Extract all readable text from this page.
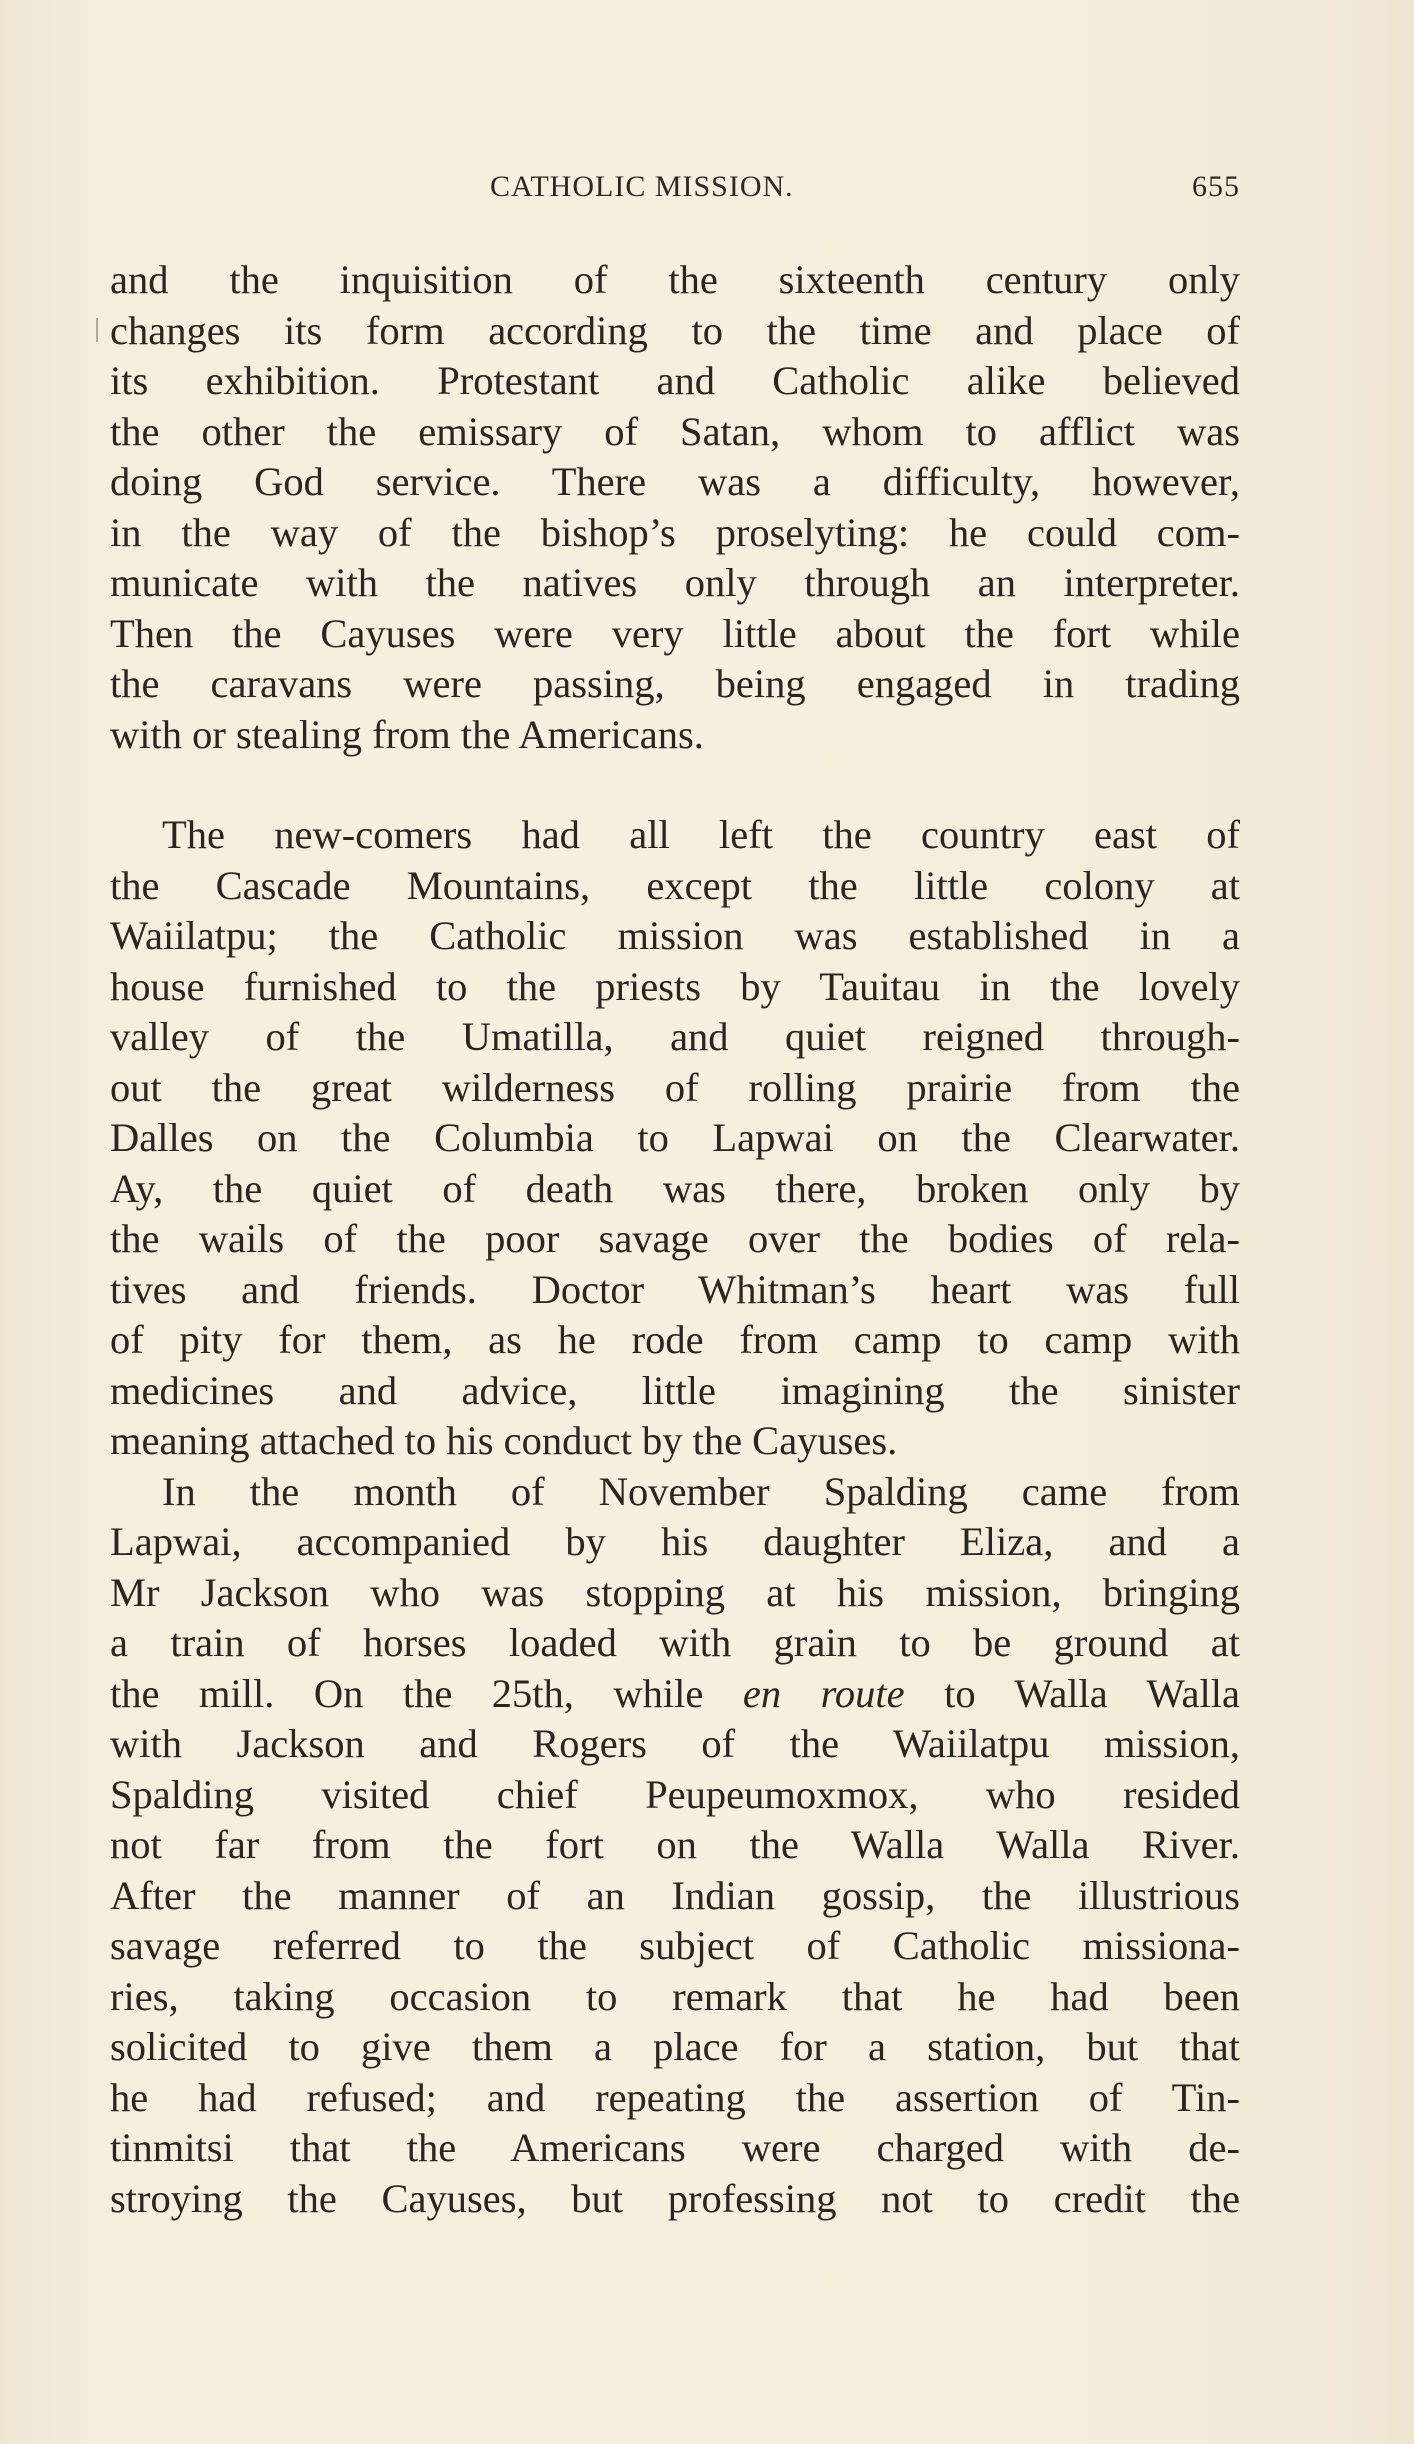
CATHOLIC MISSION.	655
and the inquisition of the sixteenth century only
changes its form according to the time and place of
its exhibition. Protestant and Catholic alike believed
the other the emissary of Satan, whom to afflict was
doing God service. There was a difficulty, however,
in the way of the bishop’s proselyting: he could com-
municate with the natives only through an interpreter.
Then the Cayuses were very little about the fort while
the caravans were passing, being engaged in trading
with or stealing from the Americans.
The new-comers had all left the country east of
the Cascade Mountains, except the little colony at
Waiilatpu; the Catholic mission was established in a
house furnished to the priests by Tauitau in the lovely
valley of the Umatilla, and quiet reigned through-
out the great wilderness of rolling prairie from the
Dalles on the Columbia to Lapwai on the Clearwater.
Ay, the quiet of death was there, broken only by
the wails of the poor savage over the bodies of rela-
tives and friends. Doctor Whitman’s heart was full
of pity for them, as he rode from camp to camp with
medicines and advice, little imagining the sinister
meaning attached to his conduct by the Cayuses.
In the month of November Spalding came from
Lapwai, accompanied by his daughter Eliza, and a
Mr Jackson who was stopping at his mission, bringing
a train of horses loaded with grain to be ground at
the mill. On the 25th, while en route to Walla Walla
with Jackson and Rogers of the Waiilatpu mission,
Spalding visited chief Peupeumoxmox, who resided
not far from the fort on the Walla Walla River.
After the manner of an Indian gossip, the illustrious
savage referred to the subject of Catholic missiona-
ries, taking occasion to remark that he had been
solicited to give them a place for a station, but that
he had refused; and repeating the assertion of Tin-
tinmitsi that the Americans were charged with de-
stroying the Cayuses, but professing not to credit the
